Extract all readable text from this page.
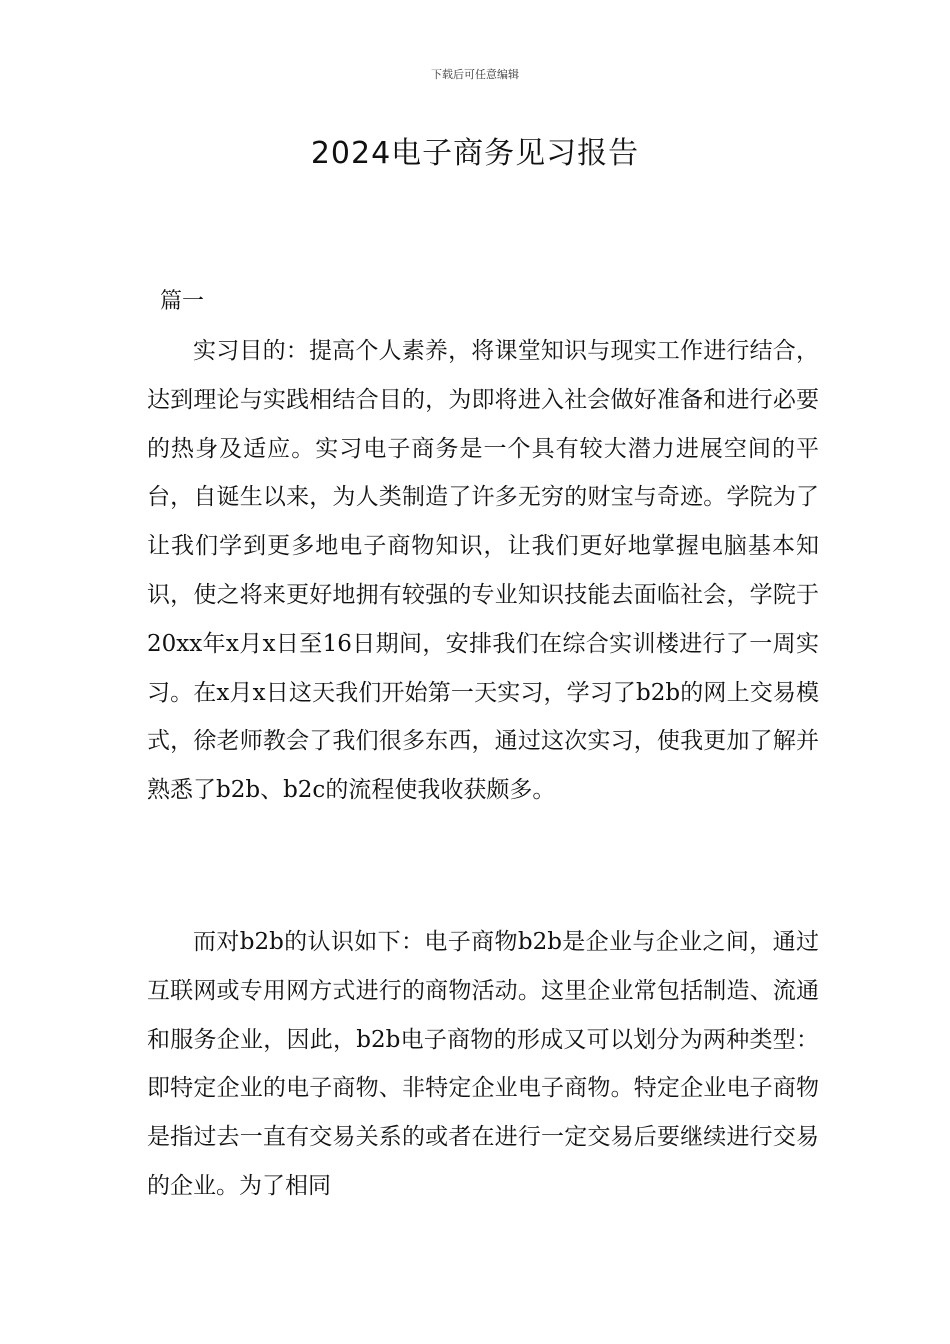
下载后可任意编辑
2024电子商务见习报告

篇一

实习目的：提高个人素养，将课堂知识与现实工作进行结合，达到理论与实践相结合目的，为即将进入社会做好准备和进行必要的热身及适应。实习电子商务是一个具有较大潜力进展空间的平台，自诞生以来，为人类制造了许多无穷的财宝与奇迹。学院为了让我们学到更多地电子商物知识，让我们更好地掌握电脑基本知识，使之将来更好地拥有较强的专业知识技能去面临社会，学院于20xx年x月x日至16日期间，安排我们在综合实训楼进行了一周实习。在x月x日这天我们开始第一天实习，学习了b2b的网上交易模式，徐老师教会了我们很多东西，通过这次实习，使我更加了解并熟悉了b2b、b2c的流程使我收获颇多。

而对b2b的认识如下：电子商物b2b是企业与企业之间，通过互联网或专用网方式进行的商物活动。这里企业常包括制造、流通和服务企业，因此，b2b电子商物的形成又可以划分为两种类型：即特定企业的电子商物、非特定企业电子商物。特定企业电子商物是指过去一直有交易关系的或者在进行一定交易后要继续进行交易的企业。为了相同
